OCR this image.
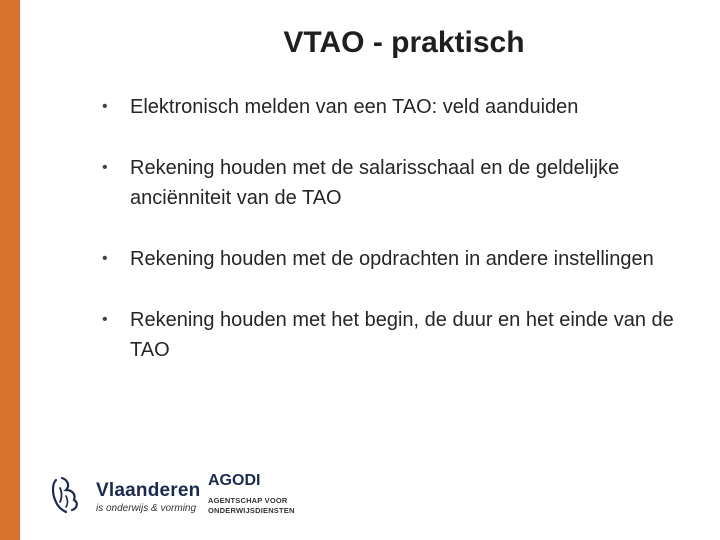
VTAO - praktisch
• Elektronisch melden van een TAO: veld aanduiden
• Rekening houden met de salarisschaal en de geldelijke anciënniteit van de TAO
• Rekening houden met de opdrachten in andere instellingen
• Rekening houden met het begin, de duur en het einde van de TAO
Vlaanderen
is onderwijs & vorming
AGODI
AGENTSCHAP VOOR
ONDERWIJSDIENSTEN
